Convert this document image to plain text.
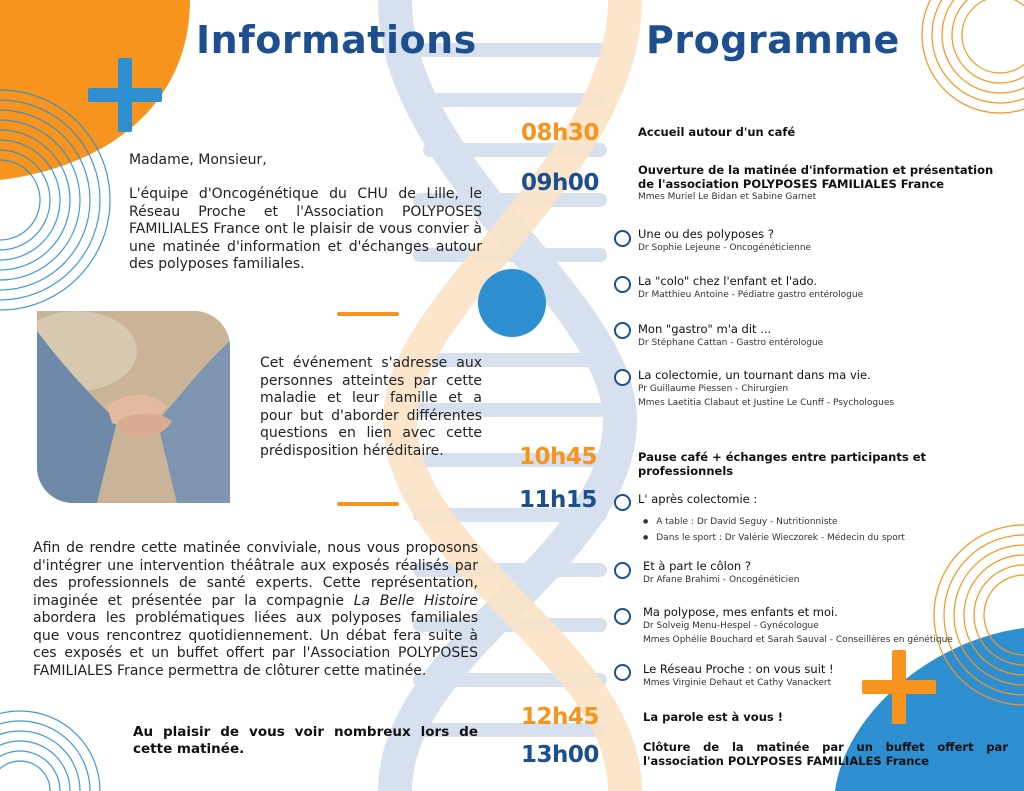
Informations	Programme
Madame, Monsieur,
L'équipe d'Oncogénétique du CHU de Lille, le Réseau Proche et l'Association POLYPOSES FAMILIALES France ont le plaisir de vous convier à une matinée d'information et d'échanges autour des polyposes familiales.
Cet événement s'adresse aux personnes atteintes par cette maladie et leur famille et a pour but d'aborder différentes questions en lien avec cette prédisposition héréditaire.
Afin de rendre cette matinée conviviale, nous vous proposons d'intégrer une intervention théâtrale aux exposés réalisés par des professionnels de santé experts. Cette représentation, imaginée et présentée par la compagnie La Belle Histoire abordera les problématiques liées aux polyposes familiales que vous rencontrez quotidiennement. Un débat fera suite à ces exposés et un buffet offert par l'Association POLYPOSES FAMILIALES France permettra de clôturer cette matinée.
Au plaisir de vous voir nombreux lors de cette matinée.
08h30
09h00
10h45
11h15
12h45
13h00
Accueil autour d'un café
Ouverture de la matinée d'information et présentation de l'association POLYPOSES FAMILIALES France
Mmes Muriel Le Bidan et Sabine Garnet
Une ou des polyposes ?
Dr Sophie Lejeune - Oncogénéticienne
La "colo" chez l'enfant et l'ado.
Dr Matthieu Antoine - Pédiatre gastro entérologue
Mon "gastro" m'a dit ...
Dr Stéphane Cattan - Gastro entérologue
La colectomie, un tournant dans ma vie.
Pr Guillaume Piessen - Chirurgien
Mmes Laetitia Clabaut et Justine Le Cunff - Psychologues
Pause café + échanges entre participants et professionnels
L' après colectomie :
● A table : Dr David Seguy - Nutritionniste
● Dans le sport : Dr Valérie Wieczorek - Médecin du sport
Et à part le côlon ?
Dr Afane Brahimi - Oncogénéticien
Ma polypose, mes enfants et moi.
Dr Solveig Menu-Hespel - Gynécologue
Mmes Ophélie Bouchard et Sarah Sauval - Conseillères en génétique
Le Réseau Proche : on vous suit !
Mmes Virginie Dehaut et Cathy Vanackert
La parole est à vous !
Clôture de la matinée par un buffet offert par l'association POLYPOSES FAMILIALES France
